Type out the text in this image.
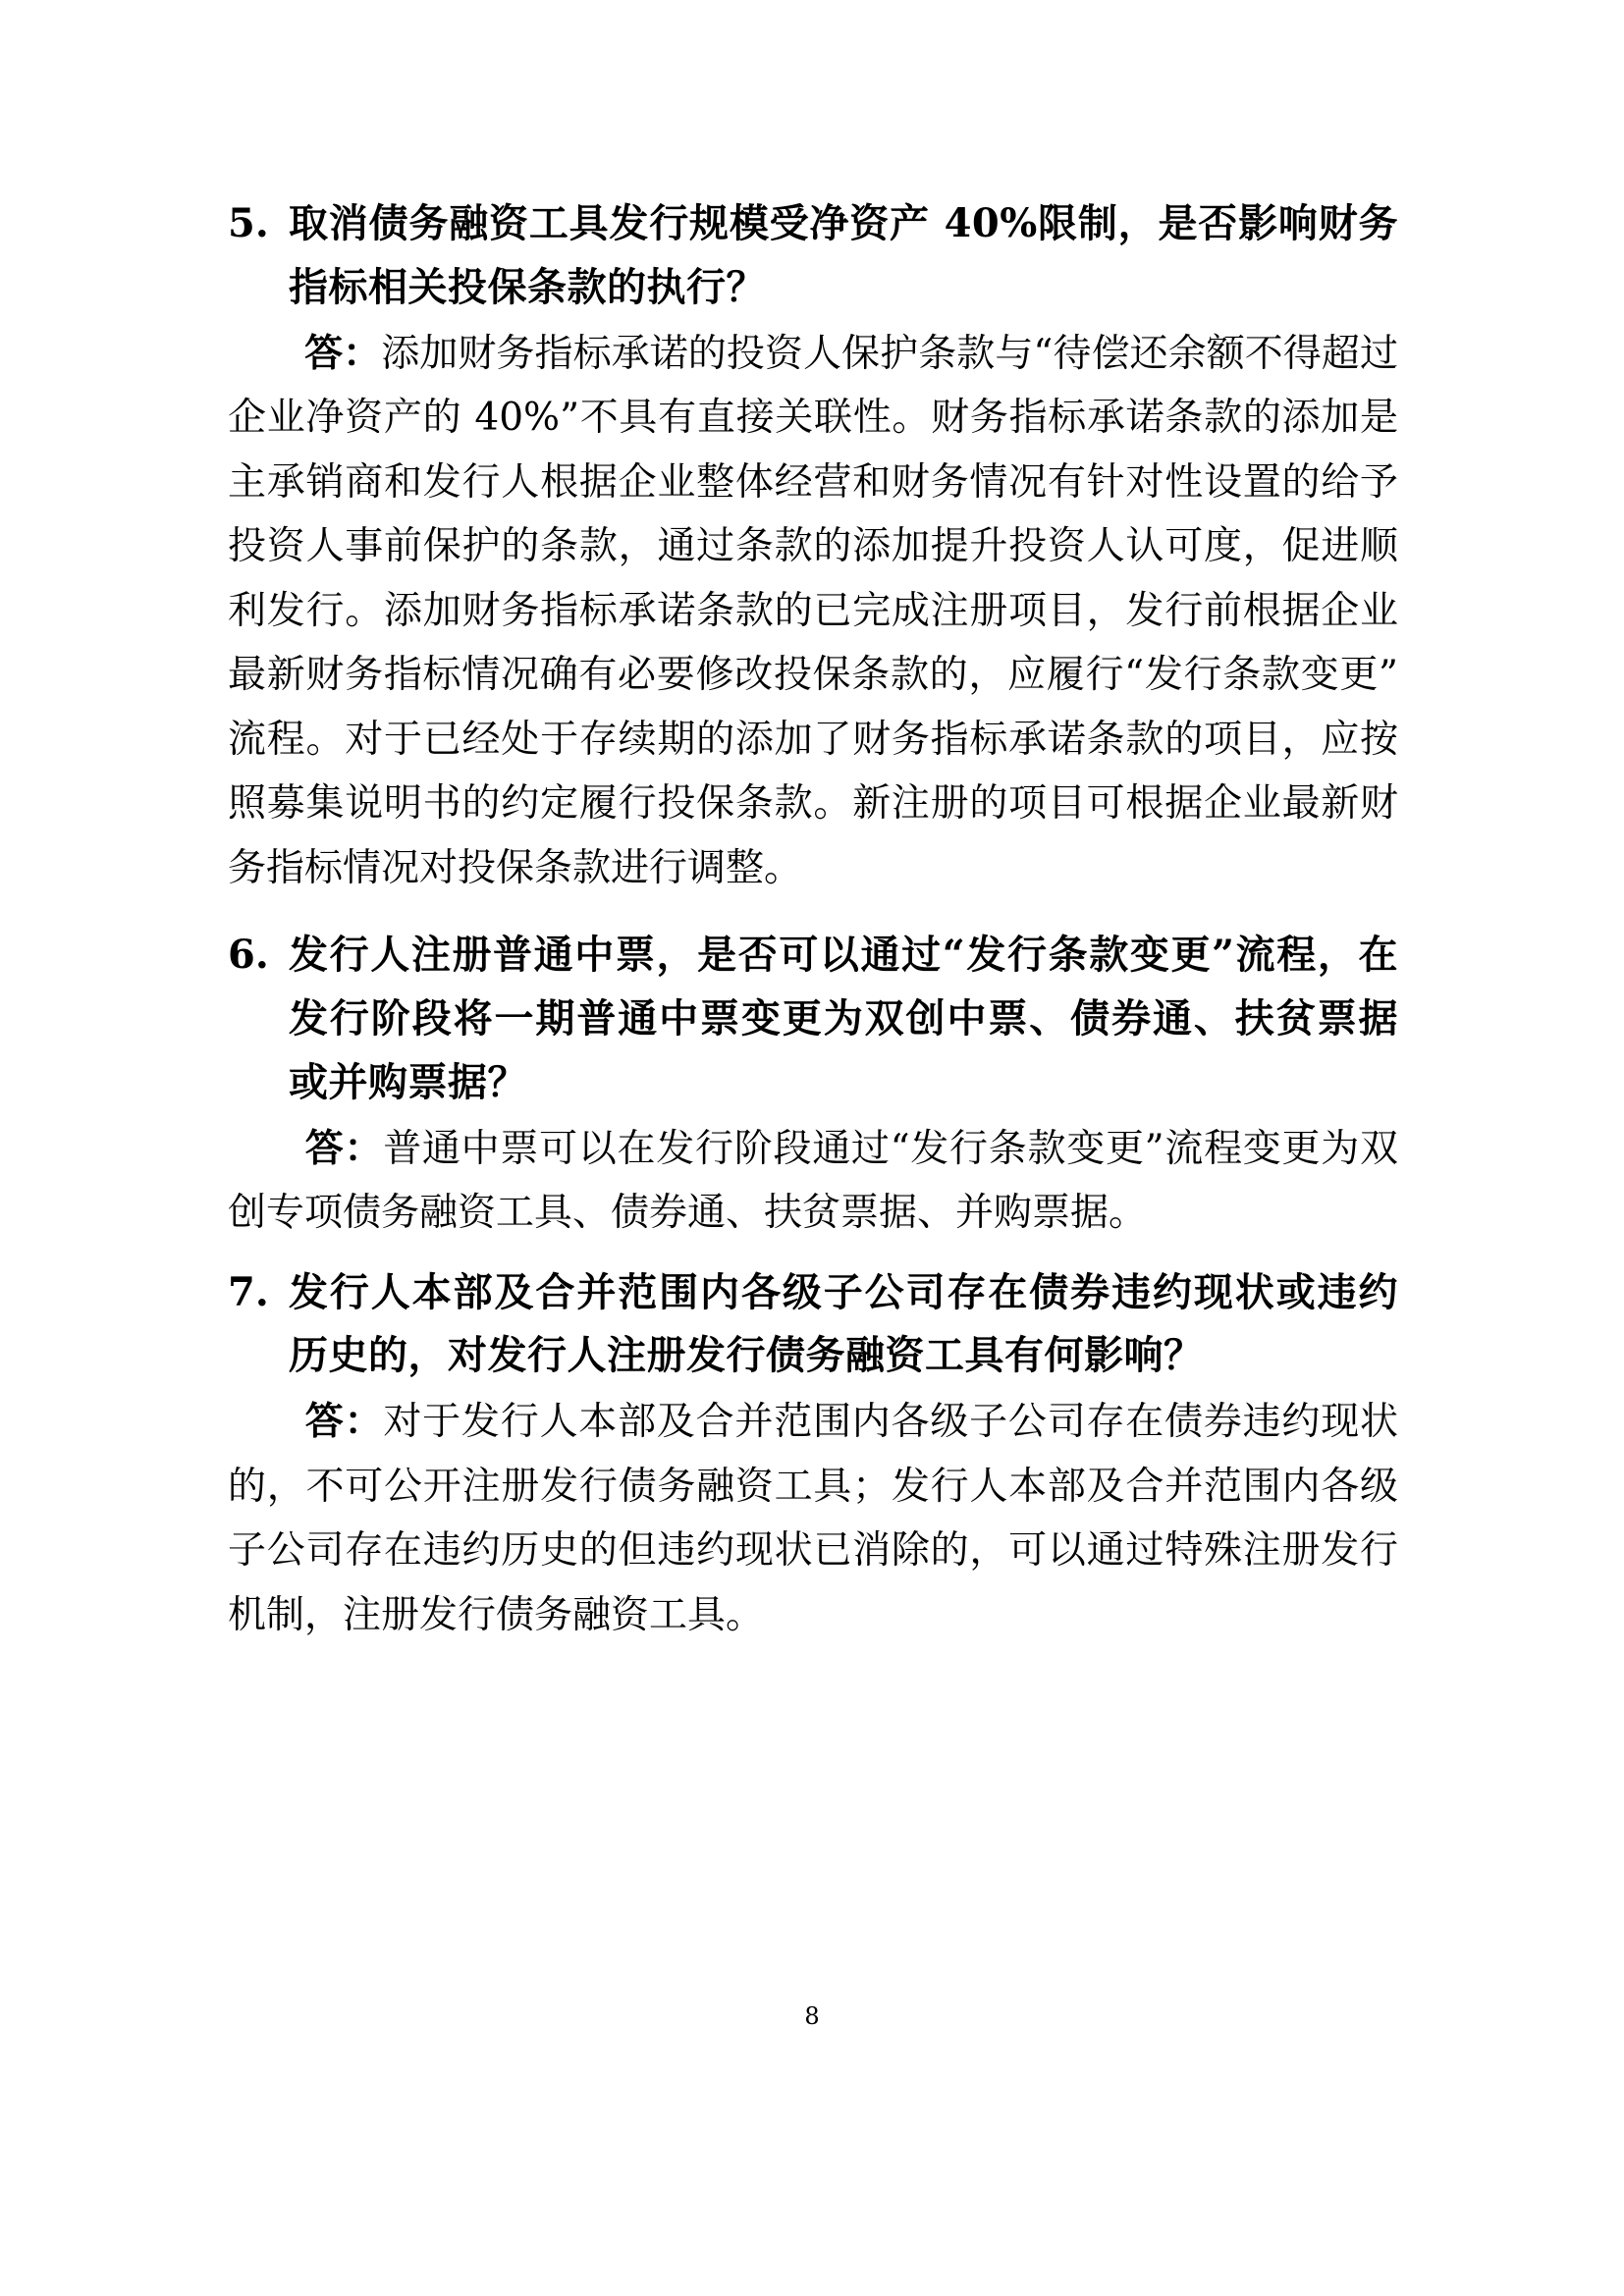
5. 取消债务融资工具发行规模受净资产 40%限制，是否影响财务指标相关投保条款的执行？

答：添加财务指标承诺的投资人保护条款与“待偿还余额不得超过企业净资产的 40%”不具有直接关联性。财务指标承诺条款的添加是主承销商和发行人根据企业整体经营和财务情况有针对性设置的给予投资人事前保护的条款，通过条款的添加提升投资人认可度，促进顺利发行。添加财务指标承诺条款的已完成注册项目，发行前根据企业最新财务指标情况确有必要修改投保条款的，应履行“发行条款变更”流程。对于已经处于存续期的添加了财务指标承诺条款的项目，应按照募集说明书的约定履行投保条款。新注册的项目可根据企业最新财务指标情况对投保条款进行调整。

6. 发行人注册普通中票，是否可以通过“发行条款变更”流程，在发行阶段将一期普通中票变更为双创中票、债券通、扶贫票据或并购票据？

答：普通中票可以在发行阶段通过“发行条款变更”流程变更为双创专项债务融资工具、债券通、扶贫票据、并购票据。

7. 发行人本部及合并范围内各级子公司存在债券违约现状或违约历史的，对发行人注册发行债务融资工具有何影响？

答：对于发行人本部及合并范围内各级子公司存在债券违约现状的，不可公开注册发行债务融资工具；发行人本部及合并范围内各级子公司存在违约历史的但违约现状已消除的，可以通过特殊注册发行机制，注册发行债务融资工具。

8
